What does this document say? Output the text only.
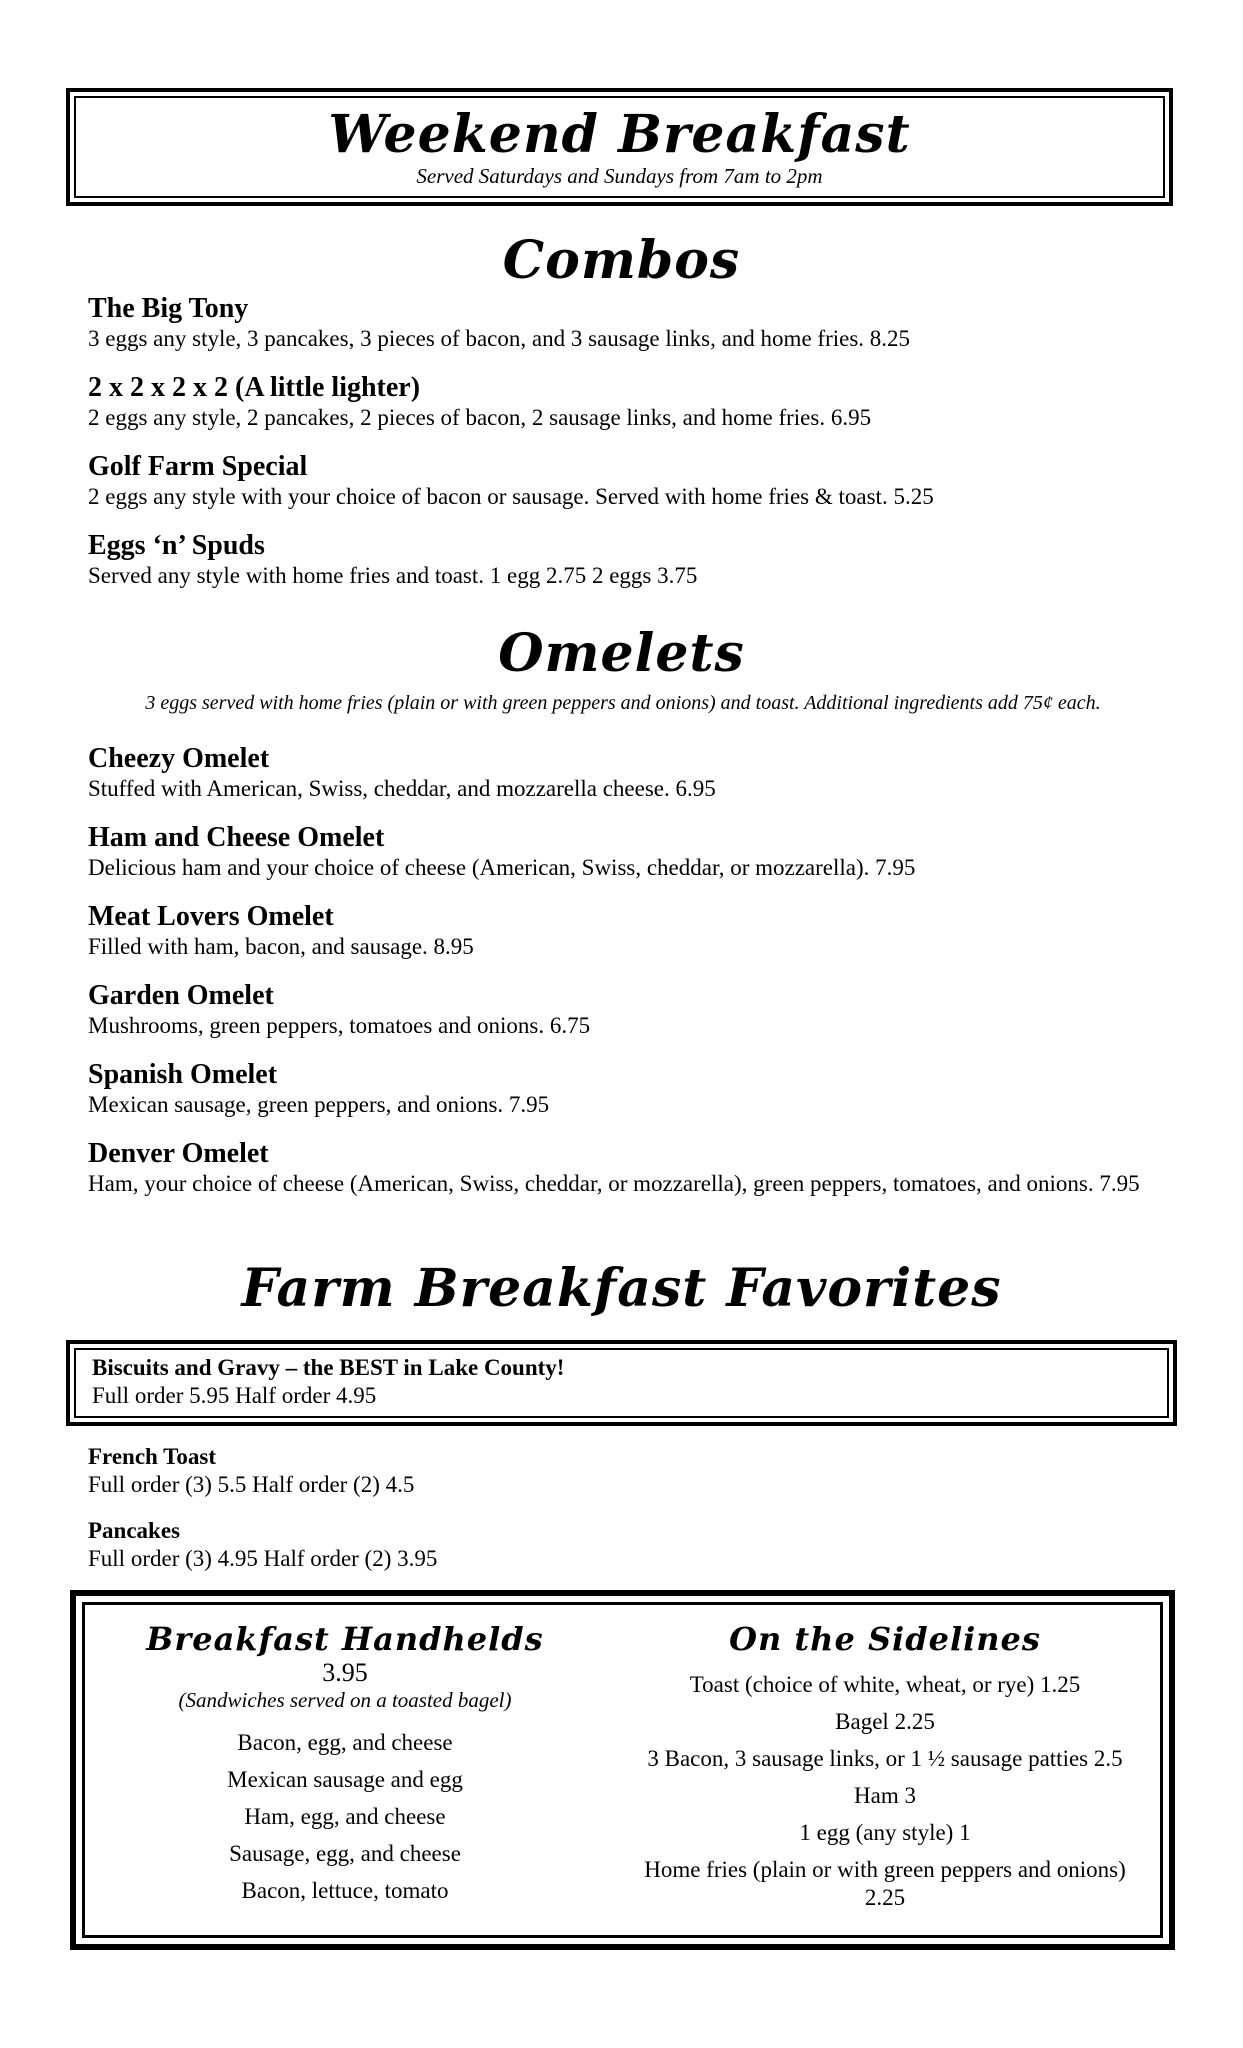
Weekend Breakfast
Served Saturdays and Sundays from 7am to 2pm
Combos
The Big Tony
3 eggs any style, 3 pancakes, 3 pieces of bacon, and 3 sausage links, and home fries. 8.25
2 x 2 x 2 x 2 (A little lighter)
2 eggs any style, 2 pancakes, 2 pieces of bacon, 2 sausage links, and home fries. 6.95
Golf Farm Special
2 eggs any style with your choice of bacon or sausage. Served with home fries & toast. 5.25
Eggs ‘n’ Spuds
Served any style with home fries and toast. 1 egg 2.75 2 eggs 3.75
Omelets
3 eggs served with home fries (plain or with green peppers and onions) and toast. Additional ingredients add 75¢ each.
Cheezy Omelet
Stuffed with American, Swiss, cheddar, and mozzarella cheese. 6.95
Ham and Cheese Omelet
Delicious ham and your choice of cheese (American, Swiss, cheddar, or mozzarella). 7.95
Meat Lovers Omelet
Filled with ham, bacon, and sausage. 8.95
Garden Omelet
Mushrooms, green peppers, tomatoes and onions. 6.75
Spanish Omelet
Mexican sausage, green peppers, and onions. 7.95
Denver Omelet
Ham, your choice of cheese (American, Swiss, cheddar, or mozzarella), green peppers, tomatoes, and onions. 7.95
Farm Breakfast Favorites
Biscuits and Gravy – the BEST in Lake County!
Full order 5.95 Half order 4.95
French Toast
Full order (3) 5.5 Half order (2) 4.5
Pancakes
Full order (3) 4.95 Half order (2) 3.95
Breakfast Handhelds
3.95
(Sandwiches served on a toasted bagel)
Bacon, egg, and cheese
Mexican sausage and egg
Ham, egg, and cheese
Sausage, egg, and cheese
Bacon, lettuce, tomato
On the Sidelines
Toast (choice of white, wheat, or rye) 1.25
Bagel 2.25
3 Bacon, 3 sausage links, or 1 ½ sausage patties 2.5
Ham 3
1 egg (any style) 1
Home fries (plain or with green peppers and onions) 2.25
